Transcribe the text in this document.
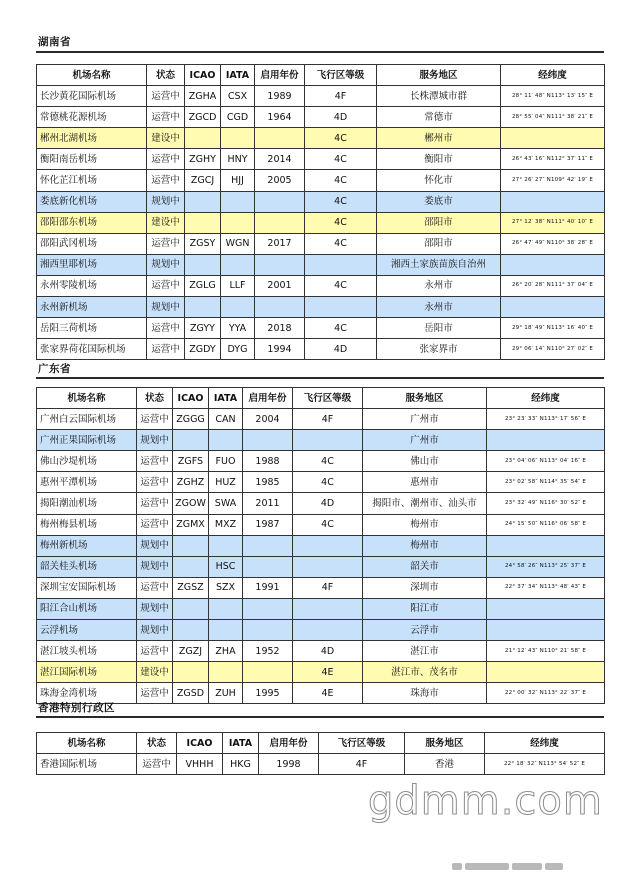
湖南省
机场名称	状态	ICAO	IATA	启用年份	飞行区等级	服务地区	经纬度
长沙黄花国际机场	运营中	ZGHA	CSX	1989	4F	长株潭城市群	28° 11′ 48″ N113° 13′ 15″ E
常德桃花源机场	运营中	ZGCD	CGD	1964	4D	常德市	28° 55′ 04″ N111° 38′ 21″ E
郴州北湖机场	建设中				4C	郴州市	
衡阳南岳机场	运营中	ZGHY	HNY	2014	4C	衡阳市	26° 43′ 16″ N112° 37′ 11″ E
怀化芷江机场	运营中	ZGCJ	HJJ	2005	4C	怀化市	27° 26′ 27″ N109° 42′ 19″ E
娄底新化机场	规划中				4C	娄底市	
邵阳邵东机场	建设中				4C	邵阳市	27° 12′ 38″ N111° 40′ 10″ E
邵阳武冈机场	运营中	ZGSY	WGN	2017	4C	邵阳市	26° 47′ 49″ N110° 38′ 28″ E
湘西里耶机场	规划中					湘西土家族苗族自治州	
永州零陵机场	运营中	ZGLG	LLF	2001	4C	永州市	26° 20′ 28″ N111° 37′ 04″ E
永州新机场	规划中					永州市	
岳阳三荷机场	运营中	ZGYY	YYA	2018	4C	岳阳市	29° 18′ 49″ N113° 16′ 40″ E
张家界荷花国际机场	运营中	ZGDY	DYG	1994	4D	张家界市	29° 06′ 14″ N110° 27′ 02″ E
广东省
机场名称	状态	ICAO	IATA	启用年份	飞行区等级	服务地区	经纬度
广州白云国际机场	运营中	ZGGG	CAN	2004	4F	广州市	23° 23′ 33″ N113° 17′ 56″ E
广州正果国际机场	规划中					广州市	
佛山沙堤机场	运营中	ZGFS	FUO	1988	4C	佛山市	23° 04′ 06″ N113° 04′ 16″ E
惠州平潭机场	运营中	ZGHZ	HUZ	1985	4C	惠州市	23° 02′ 58″ N114° 35′ 54″ E
揭阳潮汕机场	运营中	ZGOW	SWA	2011	4D	揭阳市、潮州市、汕头市	23° 32′ 49″ N116° 30′ 52″ E
梅州梅县机场	运营中	ZGMX	MXZ	1987	4C	梅州市	24° 15′ 50″ N116° 06′ 58″ E
梅州新机场	规划中					梅州市	
韶关桂头机场	规划中		HSC			韶关市	24° 58′ 26″ N113° 25′ 37″ E
深圳宝安国际机场	运营中	ZGSZ	SZX	1991	4F	深圳市	22° 37′ 34″ N113° 48′ 43″ E
阳江合山机场	规划中					阳江市	
云浮机场	规划中					云浮市	
湛江坡头机场	运营中	ZGZJ	ZHA	1952	4D	湛江市	21° 12′ 43″ N110° 21′ 58″ E
湛江国际机场	建设中				4E	湛江市、茂名市	
珠海金湾机场	运营中	ZGSD	ZUH	1995	4E	珠海市	22° 00′ 32″ N113° 22′ 37″ E
香港特别行政区
机场名称	状态	ICAO	IATA	启用年份	飞行区等级	服务地区	经纬度
香港国际机场	运营中	VHHH	HKG	1998	4F	香港	22° 18′ 32″ N113° 54′ 52″ E
gdmm.com
